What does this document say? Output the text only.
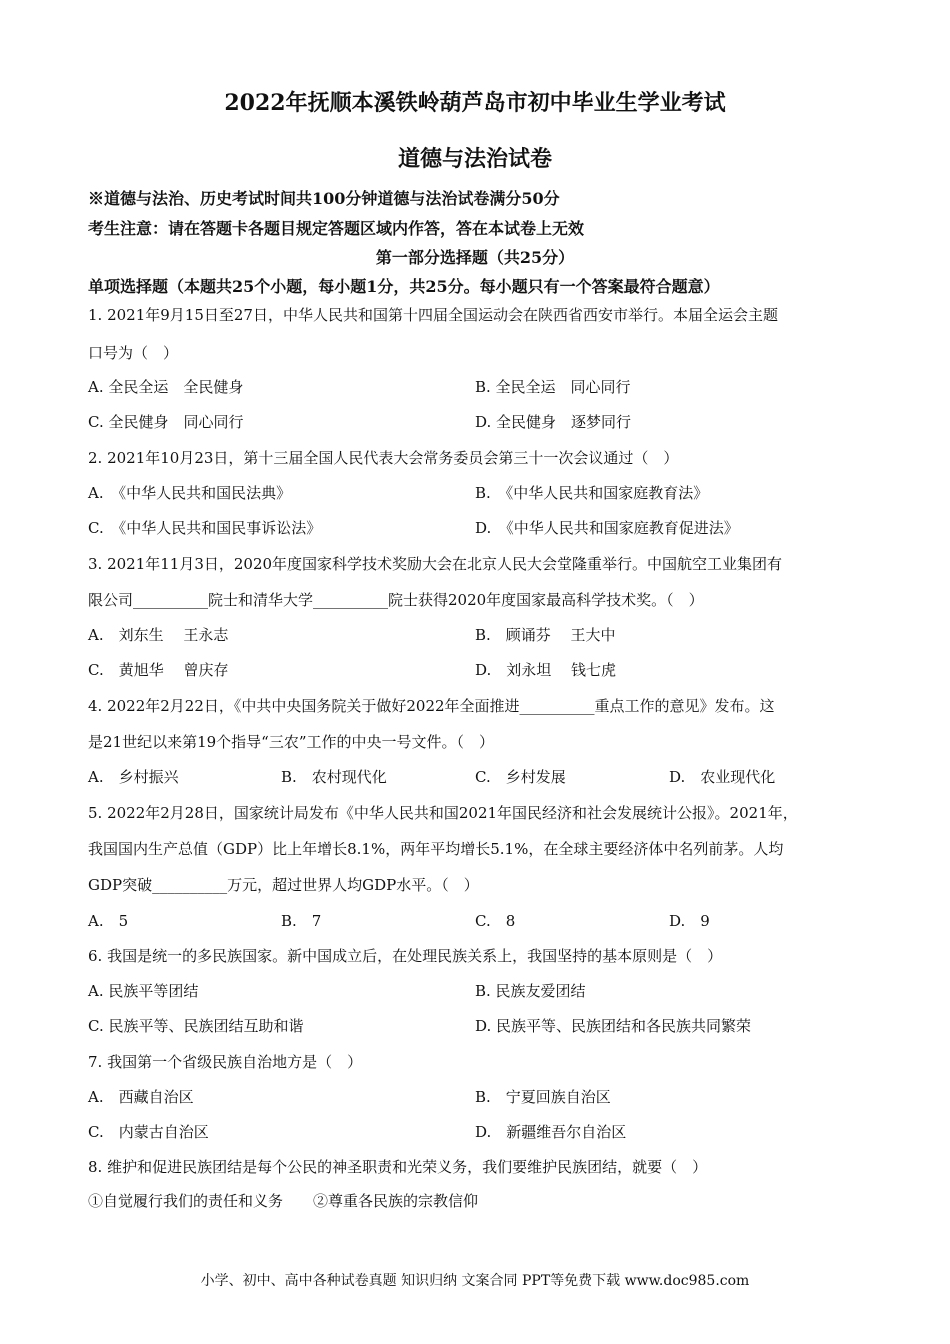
2022年抚顺本溪铁岭葫芦岛市初中毕业生学业考试
道德与法治试卷
※道德与法治、历史考试时间共100分钟道德与法治试卷满分50分
考生注意：请在答题卡各题目规定答题区域内作答，答在本试卷上无效
第一部分选择题（共25分）
单项选择题（本题共25个小题，每小题1分，共25分。每小题只有一个答案最符合题意）
1. 2021年9月15日至27日，中华人民共和国第十四届全国运动会在陕西省西安市举行。本届全运会主题
口号为（　）
A. 全民全运　全民健身	B. 全民全运　同心同行
C. 全民健身　同心同行	D. 全民健身　逐梦同行
2. 2021年10月23日，第十三届全国人民代表大会常务委员会第三十一次会议通过（　）
A.　《中华人民共和国民法典》	B.　《中华人民共和国家庭教育法》
C.　《中华人民共和国民事诉讼法》	D.　《中华人民共和国家庭教育促进法》
3. 2021年11月3日，2020年度国家科学技术奖励大会在北京人民大会堂隆重举行。中国航空工业集团有
限公司__________院士和清华大学__________院士获得2020年度国家最高科学技术奖。（　）
A.　刘东生　 王永志	B.　顾诵芬　 王大中
C.　黄旭华　 曾庆存	D.　刘永坦　 钱七虎
4. 2022年2月22日，《中共中央国务院关于做好2022年全面推进__________重点工作的意见》发布。这
是21世纪以来第19个指导“三农”工作的中央一号文件。（　）
A.　乡村振兴	B.　农村现代化	C.　乡村发展	D.　农业现代化
5. 2022年2月28日，国家统计局发布《中华人民共和国2021年国民经济和社会发展统计公报》。2021年，
我国国内生产总值（GDP）比上年增长8.1%，两年平均增长5.1%，在全球主要经济体中名列前茅。人均
GDP突破__________万元，超过世界人均GDP水平。（　）
A.　5	B.　7	C.　8	D.　9
6. 我国是统一的多民族国家。新中国成立后，在处理民族关系上，我国坚持的基本原则是（　）
A. 民族平等团结	B. 民族友爱团结
C. 民族平等、民族团结互助和谐	D. 民族平等、民族团结和各民族共同繁荣
7. 我国第一个省级民族自治地方是（　）
A.　西藏自治区	B.　宁夏回族自治区
C.　内蒙古自治区	D.　新疆维吾尔自治区
8. 维护和促进民族团结是每个公民的神圣职责和光荣义务，我们要维护民族团结，就要（　）
①自觉履行我们的责任和义务　　②尊重各民族的宗教信仰
小学、初中、高中各种试卷真题 知识归纳 文案合同 PPT等免费下载 www.doc985.com
